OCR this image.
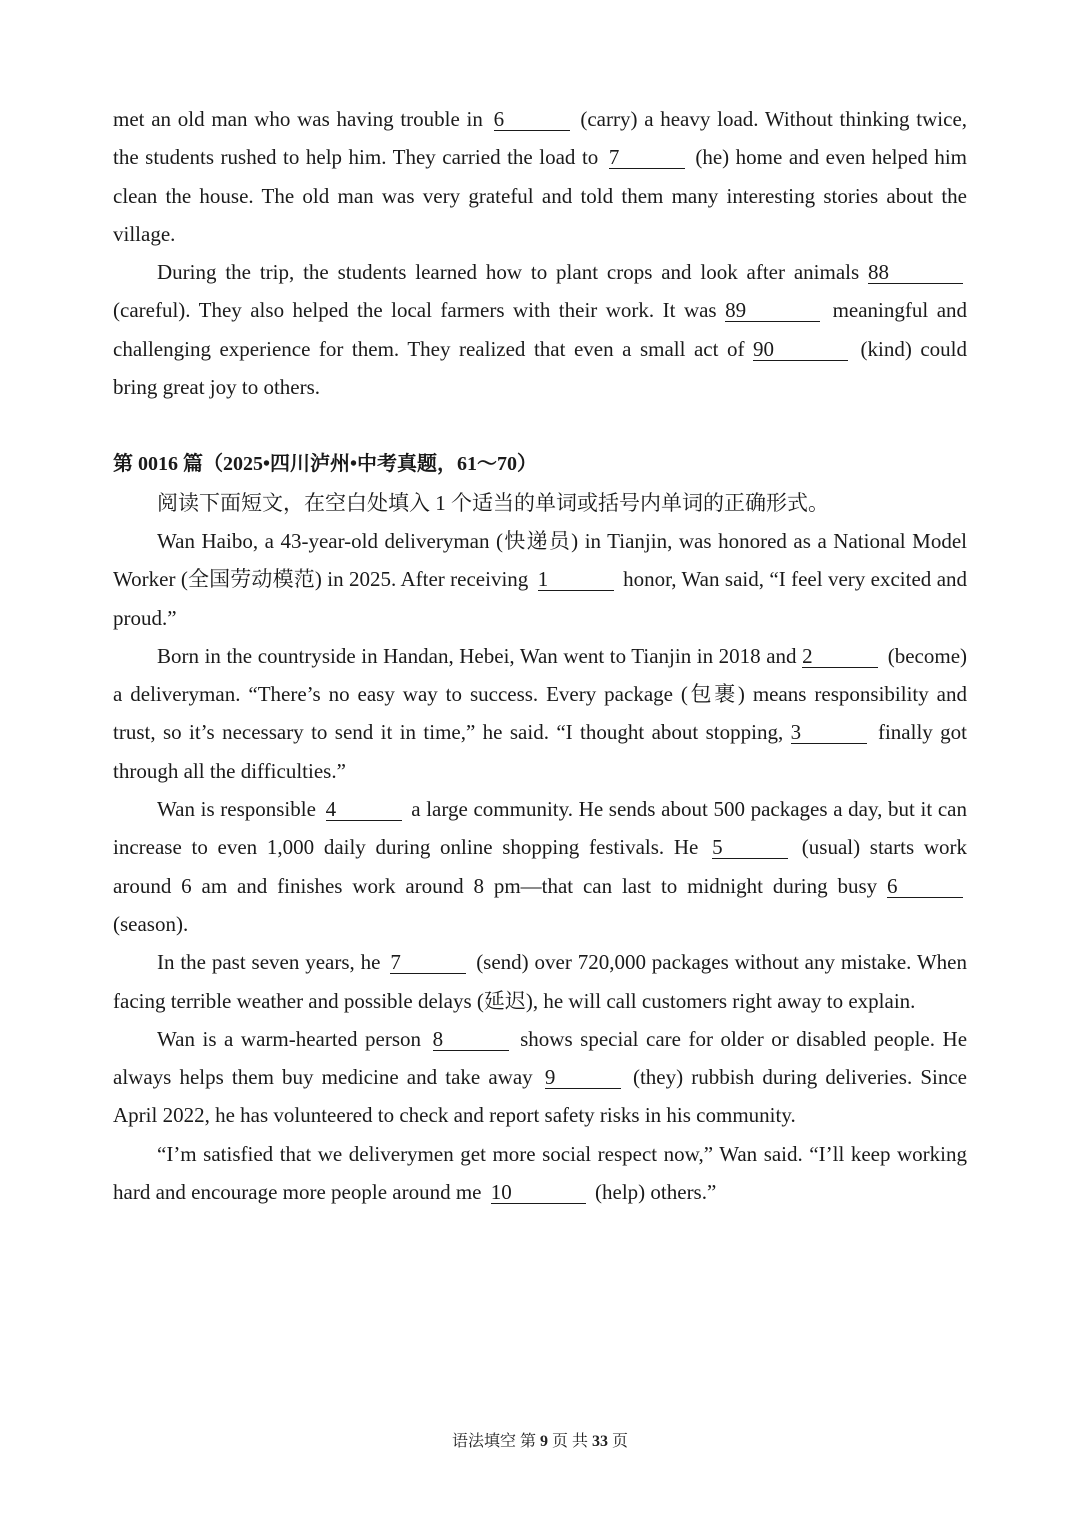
met an old man who was having trouble in 6	(carry) a heavy load. Without thinking twice, the students rushed to help him. They carried the load to 7	(he) home and even helped him clean the house. The old man was very grateful and told them many interesting stories about the village.

During the trip, the students learned how to plant crops and look after animals 88 (careful). They also helped the local farmers with their work. It was 89	meaningful and challenging experience for them. They realized that even a small act of 90	(kind) could bring great joy to others.

第 0016 篇（2025•四川泸州•中考真题，61～70）

阅读下面短文，在空白处填入 1 个适当的单词或括号内单词的正确形式。

Wan Haibo, a 43-year-old deliveryman (快递员) in Tianjin, was honored as a National Model Worker (全国劳动模范) in 2025. After receiving 1	honor, Wan said, “I feel very excited and proud.”

Born in the countryside in Handan, Hebei, Wan went to Tianjin in 2018 and 2	(become) a deliveryman. “There’s no easy way to success. Every package (包裹) means responsibility and trust, so it’s necessary to send it in time,” he said. “I thought about stopping, 3	finally got through all the difficulties.”

Wan is responsible 4	a large community. He sends about 500 packages a day, but it can increase to even 1,000 daily during online shopping festivals. He 5	(usual) starts work around 6 am and finishes work around 8 pm—that can last to midnight during busy 6 (season).

In the past seven years, he 7	(send) over 720,000 packages without any mistake. When facing terrible weather and possible delays (延迟), he will call customers right away to explain.

Wan is a warm-hearted person 8	shows special care for older or disabled people. He always helps them buy medicine and take away 9	(they) rubbish during deliveries. Since April 2022, he has volunteered to check and report safety risks in his community.

“I’m satisfied that we deliverymen get more social respect now,” Wan said. “I’ll keep working hard and encourage more people around me 10	(help) others.”

语法填空 第 9 页 共 33 页
